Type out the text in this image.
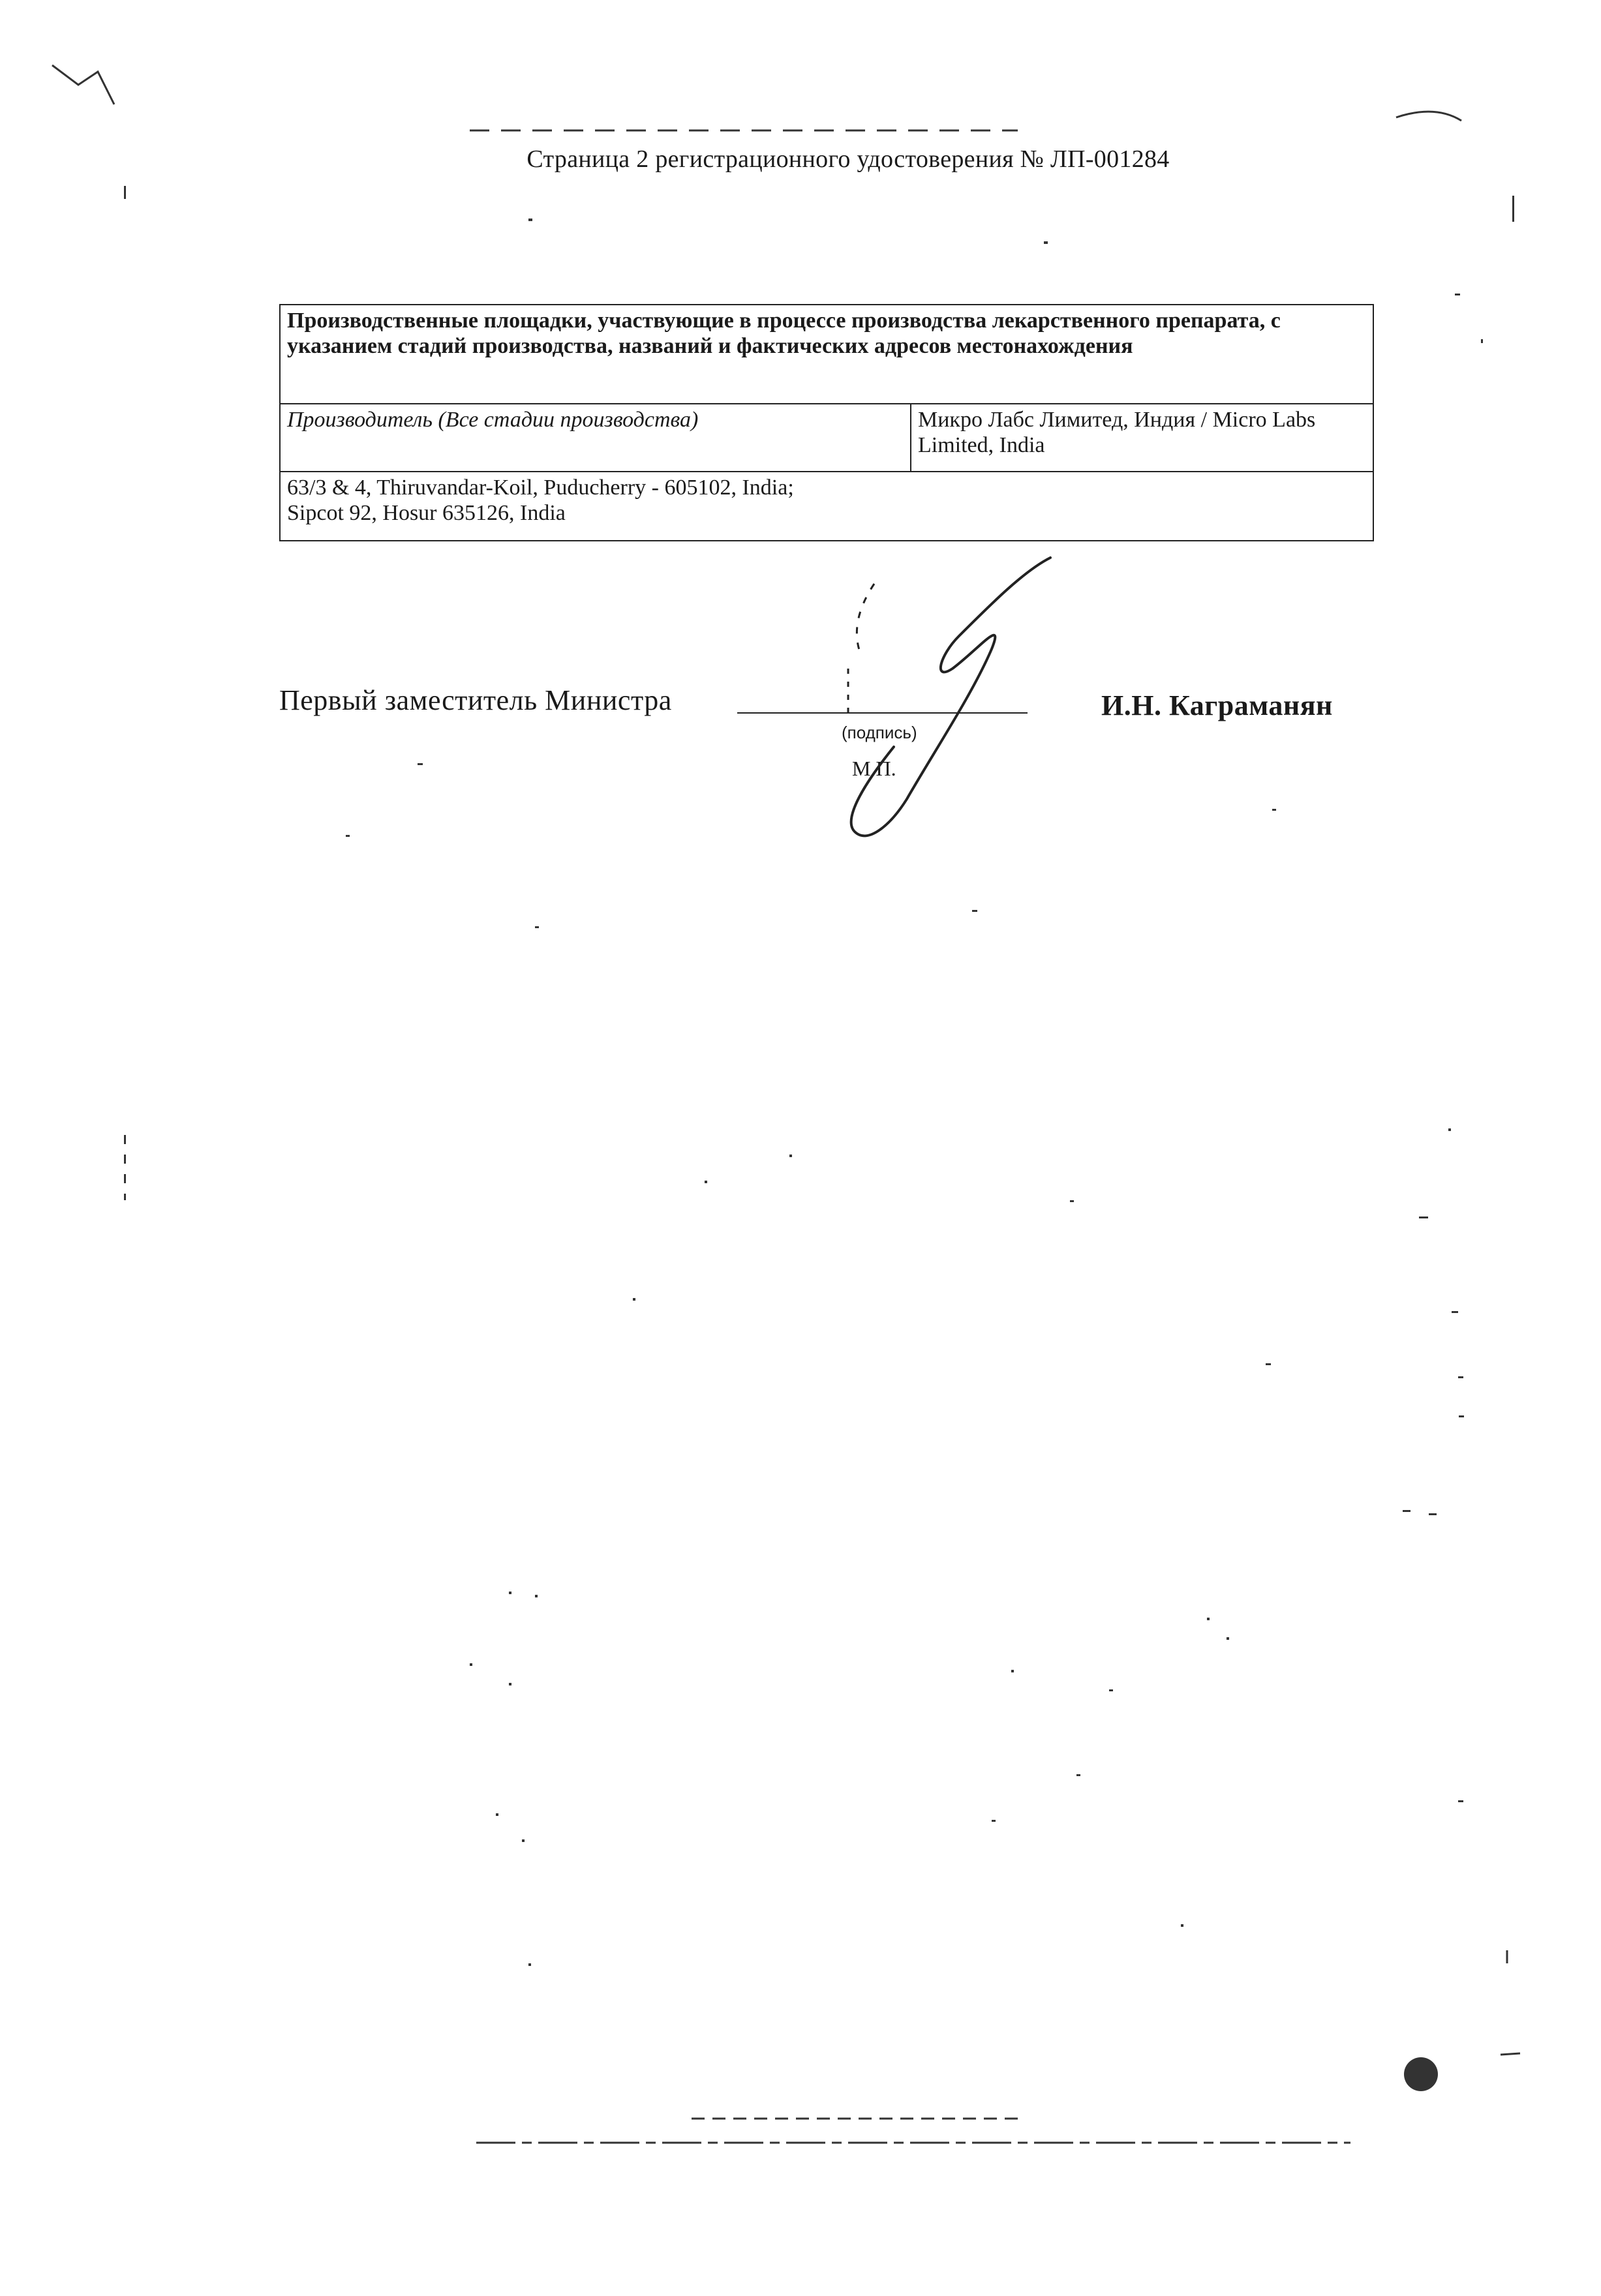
Страница 2 регистрационного удостоверения № ЛП-001284
Производственные площадки, участвующие в процессе производства лекарственного препарата, с указанием стадий производства, названий и фактических адресов местонахождения
Производитель (Все стадии производства)	Микро Лабс Лимитед, Индия / Micro Labs Limited, India

63/3 & 4, Thiruvandar-Koil, Puducherry - 605102, India;
Sipcot 92, Hosur 635126, India
Первый заместитель Министра
(подпись)
М.П.
И.Н. Каграманян
